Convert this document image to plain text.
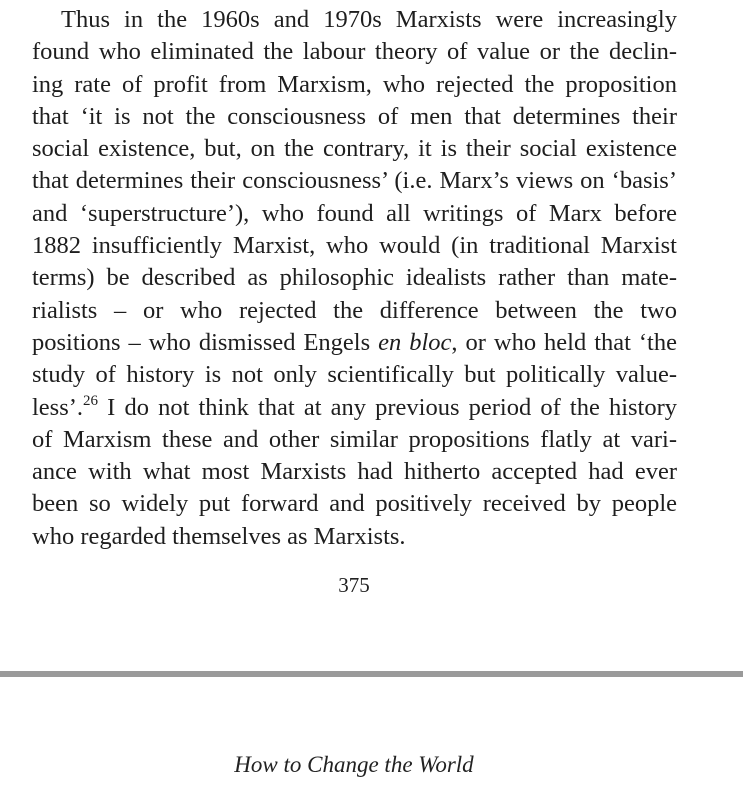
Thus in the 1960s and 1970s Marxists were increasingly
found who eliminated the labour theory of value or the declin-
ing rate of profit from Marxism, who rejected the proposition
that ‘it is not the consciousness of men that determines their
social existence, but, on the contrary, it is their social existence
that determines their consciousness’ (i.e. Marx’s views on ‘basis’
and ‘superstructure’), who found all writings of Marx before
1882 insufficiently Marxist, who would (in traditional Marxist
terms) be described as philosophic idealists rather than mate-
rialists – or who rejected the difference between the two
positions – who dismissed Engels en bloc, or who held that ‘the
study of history is not only scientifically but politically value-
less’.$^{26}$ I do not think that at any previous period of the history
of Marxism these and other similar propositions flatly at vari-
ance with what most Marxists had hitherto accepted had ever
been so widely put forward and positively received by people
who regarded themselves as Marxists.
375
How to Change the World
